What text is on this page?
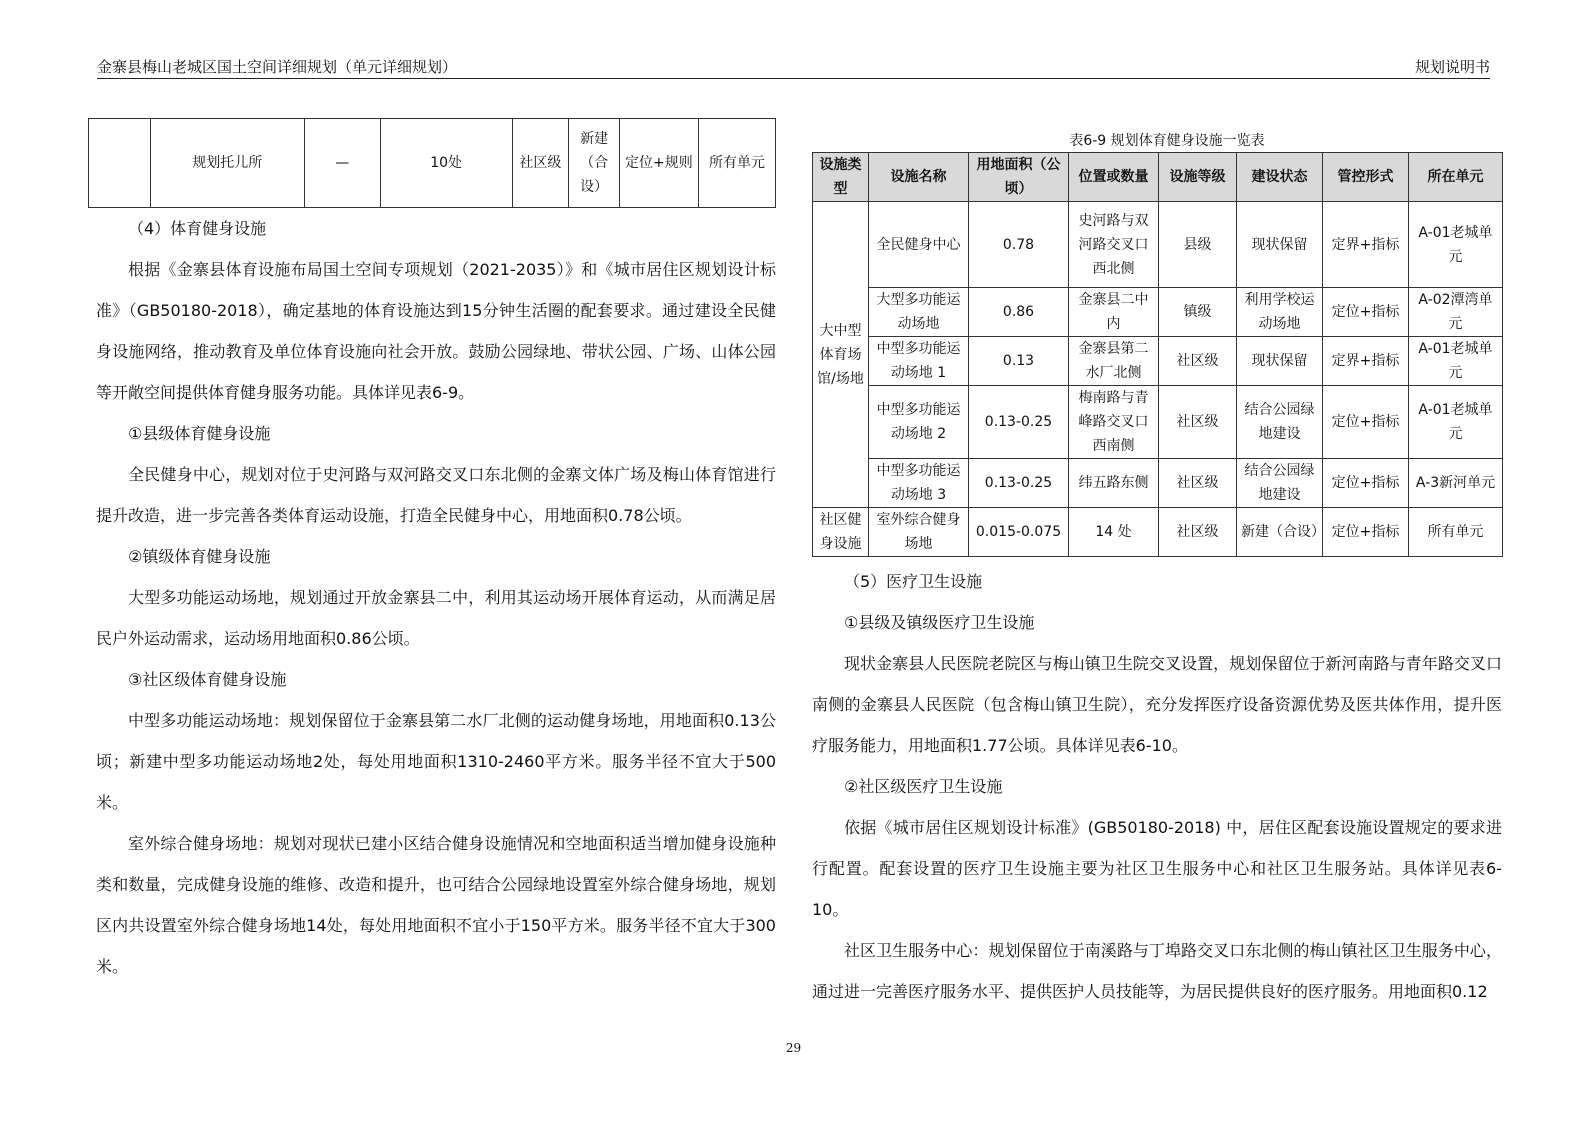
金寨县梅山老城区国土空间详细规划（单元详细规划）	规划说明书
	规划托儿所	—	10处	社区级	新建（合设）	定位+规则	所有单元

（4）体育健身设施

根据《金寨县体育设施布局国土空间专项规划（2021-2035）》和《城市居住区规划设计标准》（GB50180-2018），确定基地的体育设施达到15分钟生活圈的配套要求。通过建设全民健身设施网络，推动教育及单位体育设施向社会开放。鼓励公园绿地、带状公园、广场、山体公园等开敞空间提供体育健身服务功能。具体详见表6-9。

①县级体育健身设施

全民健身中心，规划对位于史河路与双河路交叉口东北侧的金寨文体广场及梅山体育馆进行提升改造，进一步完善各类体育运动设施，打造全民健身中心，用地面积0.78公顷。

②镇级体育健身设施

大型多功能运动场地，规划通过开放金寨县二中，利用其运动场开展体育运动，从而满足居民户外运动需求，运动场用地面积0.86公顷。

③社区级体育健身设施

中型多功能运动场地：规划保留位于金寨县第二水厂北侧的运动健身场地，用地面积0.13公顷；新建中型多功能运动场地2处，每处用地面积1310-2460平方米。服务半径不宜大于500米。

室外综合健身场地：规划对现状已建小区结合健身设施情况和空地面积适当增加健身设施种类和数量，完成健身设施的维修、改造和提升，也可结合公园绿地设置室外综合健身场地，规划区内共设置室外综合健身场地14处，每处用地面积不宜小于150平方米。服务半径不宜大于300米。

表6-9 规划体育健身设施一览表
设施类型	设施名称	用地面积（公顷）	位置或数量	设施等级	建设状态	管控形式	所在单元
大中型体育场馆/场地	全民健身中心	0.78	史河路与双河路交叉口西北侧	县级	现状保留	定界+指标	A-01老城单元
	大型多功能运动场地	0.86	金寨县二中内	镇级	利用学校运动场地	定位+指标	A-02潭湾单元
	中型多功能运动场地 1	0.13	金寨县第二水厂北侧	社区级	现状保留	定界+指标	A-01老城单元
	中型多功能运动场地 2	0.13-0.25	梅南路与青峰路交叉口西南侧	社区级	结合公园绿地建设	定位+指标	A-01老城单元
	中型多功能运动场地 3	0.13-0.25	纬五路东侧	社区级	结合公园绿地建设	定位+指标	A-3新河单元
社区健身设施	室外综合健身场地	0.015-0.075	14 处	社区级	新建（合设）	定位+指标	所有单元

（5）医疗卫生设施

①县级及镇级医疗卫生设施

现状金寨县人民医院老院区与梅山镇卫生院交叉设置，规划保留位于新河南路与青年路交叉口南侧的金寨县人民医院（包含梅山镇卫生院），充分发挥医疗设备资源优势及医共体作用，提升医疗服务能力，用地面积1.77公顷。具体详见表6-10。

②社区级医疗卫生设施

依据《城市居住区规划设计标准》(GB50180-2018) 中，居住区配套设施设置规定的要求进行配置。配套设置的医疗卫生设施主要为社区卫生服务中心和社区卫生服务站。具体详见表6-10。

社区卫生服务中心：规划保留位于南溪路与丁埠路交叉口东北侧的梅山镇社区卫生服务中心，通过进一完善医疗服务水平、提供医护人员技能等，为居民提供良好的医疗服务。用地面积0.12

29
